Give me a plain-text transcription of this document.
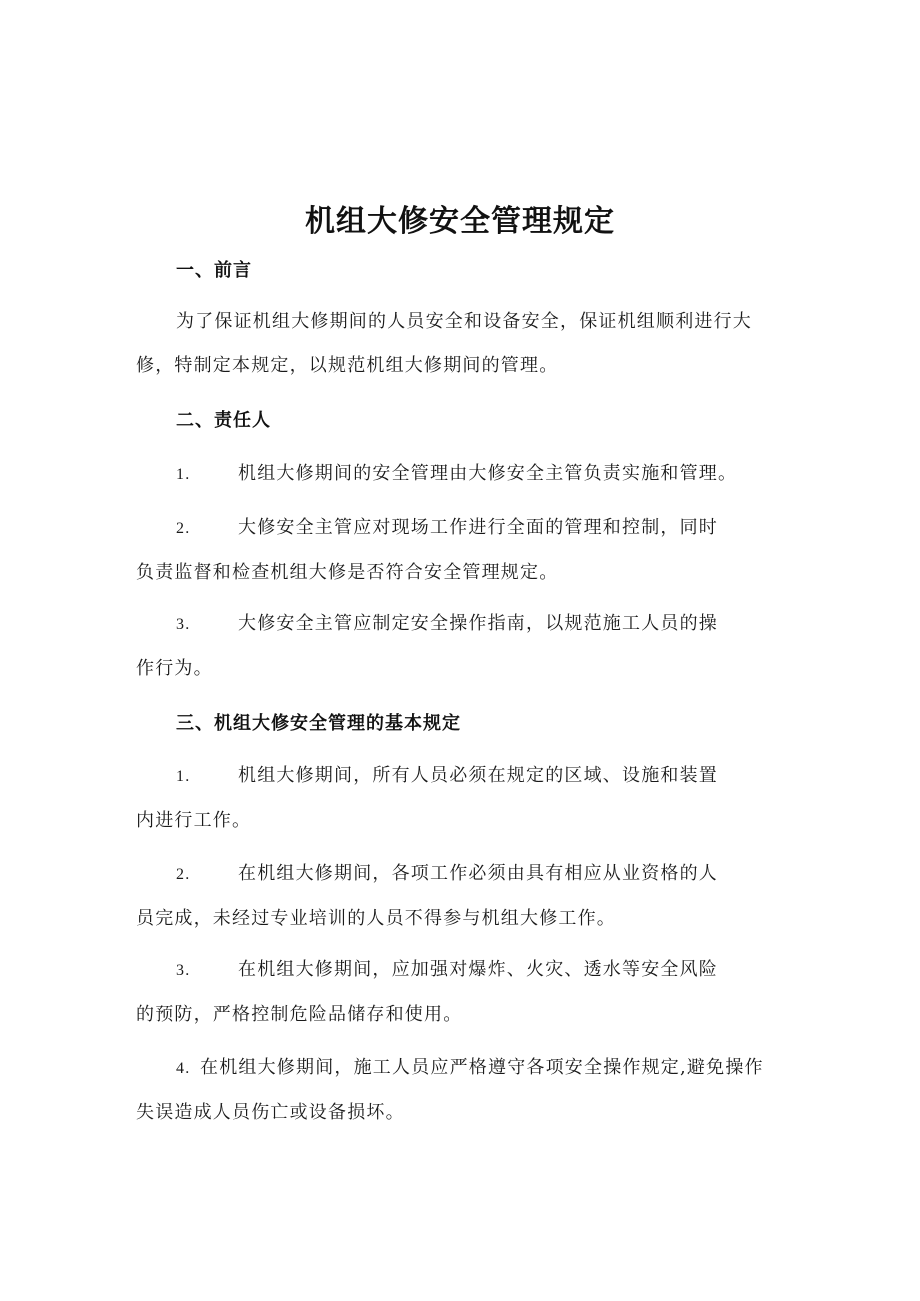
机组大修安全管理规定
一、前言
为了保证机组大修期间的人员安全和设备安全，保证机组顺利进行大
修，特制定本规定，以规范机组大修期间的管理。
二、责任人
1.	机组大修期间的安全管理由大修安全主管负责实施和管理。
2.	大修安全主管应对现场工作进行全面的管理和控制，同时
负责监督和检查机组大修是否符合安全管理规定。
3.	大修安全主管应制定安全操作指南，以规范施工人员的操
作行为。
三、机组大修安全管理的基本规定
1.	机组大修期间，所有人员必须在规定的区域、设施和装置
内进行工作。
2.	在机组大修期间，各项工作必须由具有相应从业资格的人
员完成，未经过专业培训的人员不得参与机组大修工作。
3.	在机组大修期间，应加强对爆炸、火灾、透水等安全风险
的预防，严格控制危险品储存和使用。
4. 在机组大修期间，施工人员应严格遵守各项安全操作规定,避免操作
失误造成人员伤亡或设备损坏。
